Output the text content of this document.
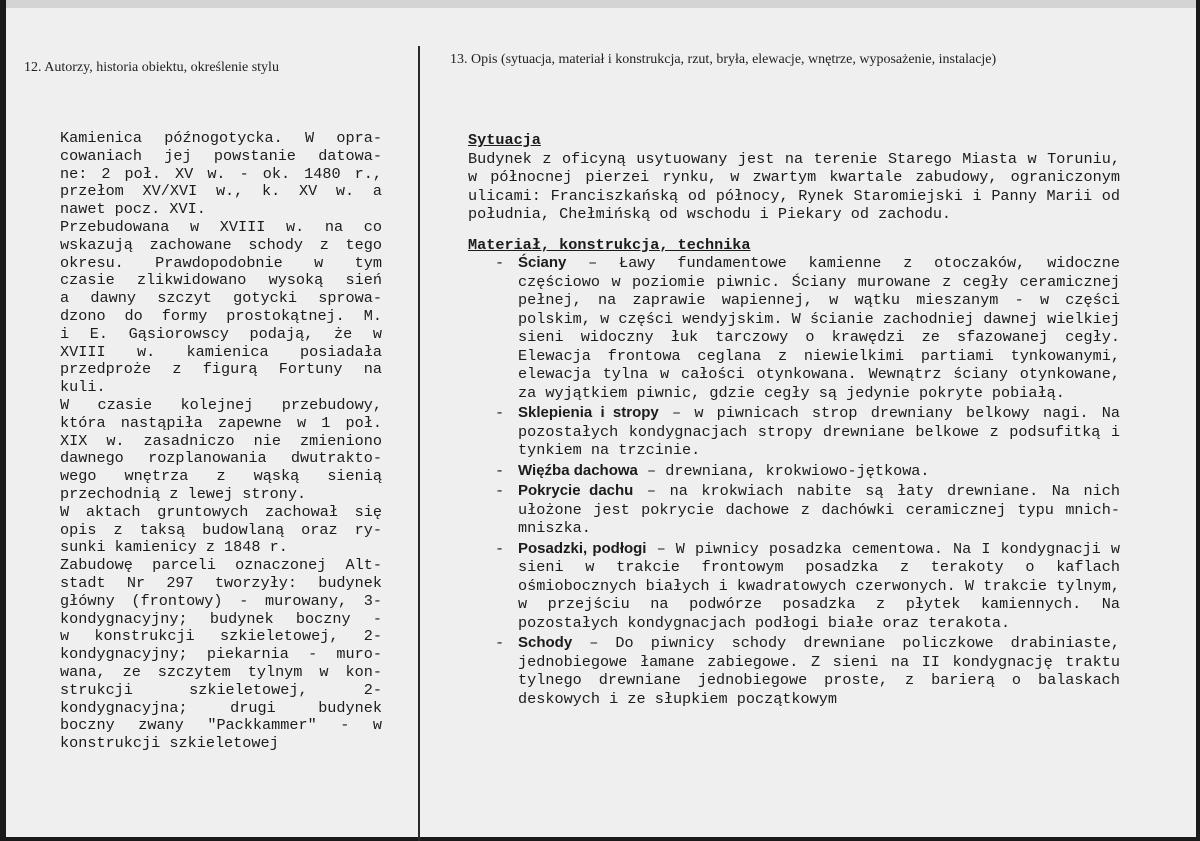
12. Autorzy, historia obiektu, określenie stylu
13. Opis (sytuacja, materiał i konstrukcja, rzut, bryła, elewacje, wnętrze, wyposażenie, instalacje)
Kamienica późnogotycka. W opra-
cowaniach jej powstanie datowa-
ne: 2 poł. XV w. - ok. 1480 r.,
przełom XV/XVI w., k. XV w. a
nawet pocz. XVI.
Przebudowana w XVIII w. na co
wskazują zachowane schody z tego
okresu. Prawdopodobnie w tym
czasie zlikwidowano wysoką sień
a dawny szczyt gotycki sprowa-
dzono do formy prostokątnej. M.
i E. Gąsiorowscy podają, że w
XVIII w. kamienica posiadała
przedproże z figurą Fortuny na
kuli.
W czasie kolejnej przebudowy,
która nastąpiła zapewne w 1 poł.
XIX w. zasadniczo nie zmieniono
dawnego rozplanowania dwutrakto-
wego wnętrza z wąską sienią
przechodnią z lewej strony.
W aktach gruntowych zachował się
opis z taksą budowlaną oraz ry-
sunki kamienicy z 1848 r.
Zabudowę parceli oznaczonej Alt-
stadt Nr 297 tworzyły: budynek
główny (frontowy) - murowany, 3-
kondygnacyjny; budynek boczny -
w konstrukcji szkieletowej, 2-
kondygnacyjny; piekarnia - muro-
wana, ze szczytem tylnym w kon-
strukcji szkieletowej, 2-
kondygnacyjna; drugi budynek
boczny zwany "Packkammer" - w
konstrukcji szkieletowej
Sytuacja

Budynek z oficyną usytuowany jest na terenie Starego Miasta w Toruniu, w północnej pierzei rynku, w zwartym kwartale zabudowy, ograniczonym ulicami: Franciszkańską od północy, Rynek Staromiejski i Panny Marii od południa, Chełmińską od wschodu i Piekary od zachodu.

Materiał, konstrukcja, technika
- Ściany – Ławy fundamentowe kamienne z otoczaków, widoczne częściowo w poziomie piwnic. Ściany murowane z cegły ceramicznej pełnej, na zaprawie wapiennej, w wątku mieszanym - w części polskim, w części wendyjskim. W ścianie zachodniej dawnej wielkiej sieni widoczny łuk tarczowy o krawędzi ze sfazowanej cegły. Elewacja frontowa ceglana z niewielkimi partiami tynkowanymi, elewacja tylna w całości otynkowana. Wewnątrz ściany otynkowane, za wyjątkiem piwnic, gdzie cegły są jedynie pokryte pobiałą.
- Sklepienia i stropy – w piwnicach strop drewniany belkowy nagi. Na pozostałych kondygnacjach stropy drewniane belkowe z podsufitką i tynkiem na trzcinie.
- Więźba dachowa – drewniana, krokwiowo-jętkowa.
- Pokrycie dachu – na krokwiach nabite są łaty drewniane. Na nich ułożone jest pokrycie dachowe z dachówki ceramicznej typu mnich-mniszka.
- Posadzki, podłogi – W piwnicy posadzka cementowa. Na I kondygnacji w sieni w trakcie frontowym posadzka z terakoty o kaflach ośmiobocznych białych i kwadratowych czerwonych. W trakcie tylnym, w przejściu na podwórze posadzka z płytek kamiennych. Na pozostałych kondygnacjach podłogi białe oraz terakota.
- Schody – Do piwnicy schody drewniane policzkowe drabiniaste, jednobiegowe łamane zabiegowe. Z sieni na II kondygnację traktu tylnego drewniane jednobiegowe proste, z barierą o balaskach deskowych i ze słupkiem początkowym
